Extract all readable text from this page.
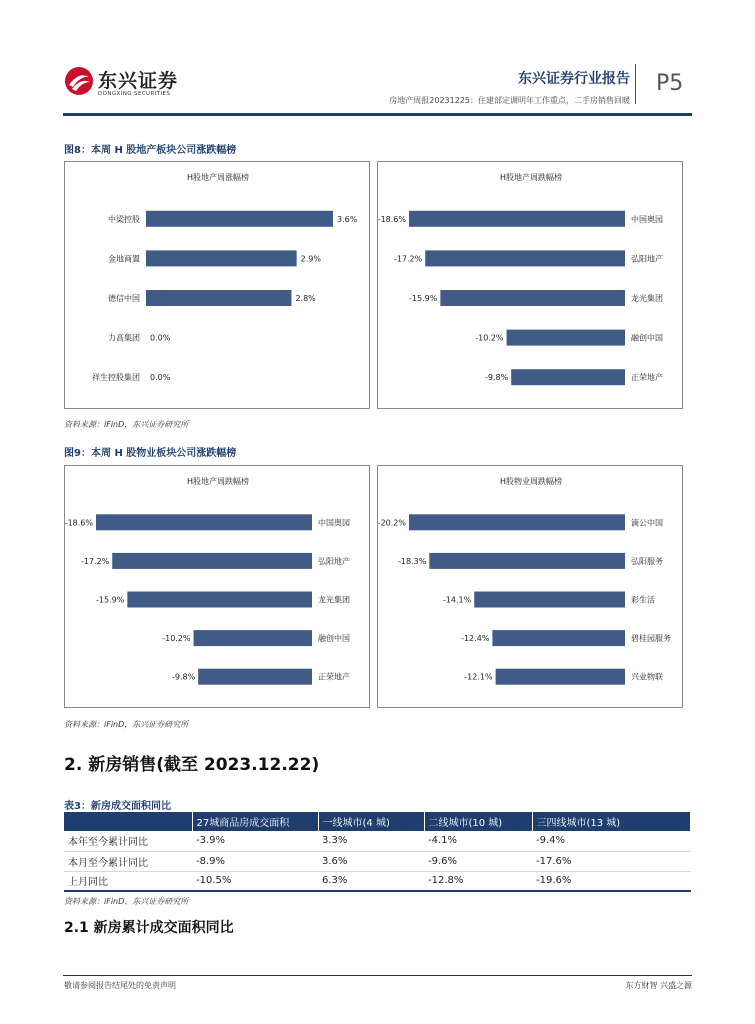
东兴证券
DONGXING SECURITIES
东兴证券行业报告
房地产周报20231225：住建部定调明年工作重点，二手房销售回暖
P5
图8：本周 H 股地产板块公司涨跌幅榜
H股地产周涨幅榜
中梁控股	3.6%
金地商置	2.9%
德信中国	2.8%
力高集团 0.0%
祥生控股集团 0.0%
H股地产周跌幅榜
-18.6%	中国奥园
-17.2%	弘阳地产
-15.9%	龙光集团
-10.2%	融创中国
-9.8%	正荣地产
资料来源：iFinD，东兴证券研究所
图9：本周 H 股物业板块公司涨跌幅榜
H股地产周跌幅榜
-18.6%	中国奥园
-17.2%	弘阳地产
-15.9%	龙光集团
-10.2%	融创中国
-9.8%	正荣地产
H股物业周跌幅榜
-20.2%	滴公中国
-18.3%	弘阳服务
-14.1%	彩生活
-12.4%	碧桂园服务
-12.1%	兴业物联
资料来源：iFinD，东兴证券研究所
2. 新房销售(截至 2023.12.22)
表3：新房成交面积同比
	27城商品房成交面积	一线城市(4 城)	二线城市(10 城)	三四线城市(13 城)
本年至今累计同比	-3.9%	3.3%	-4.1%	-9.4%
本月至今累计同比	-8.9%	3.6%	-9.6%	-17.6%
上月同比	-10.5%	6.3%	-12.8%	-19.6%
资料来源：iFinD、东兴证券研究所
2.1 新房累计成交面积同比
敬请参阅报告结尾处的免责声明	东方财智 兴盛之源
